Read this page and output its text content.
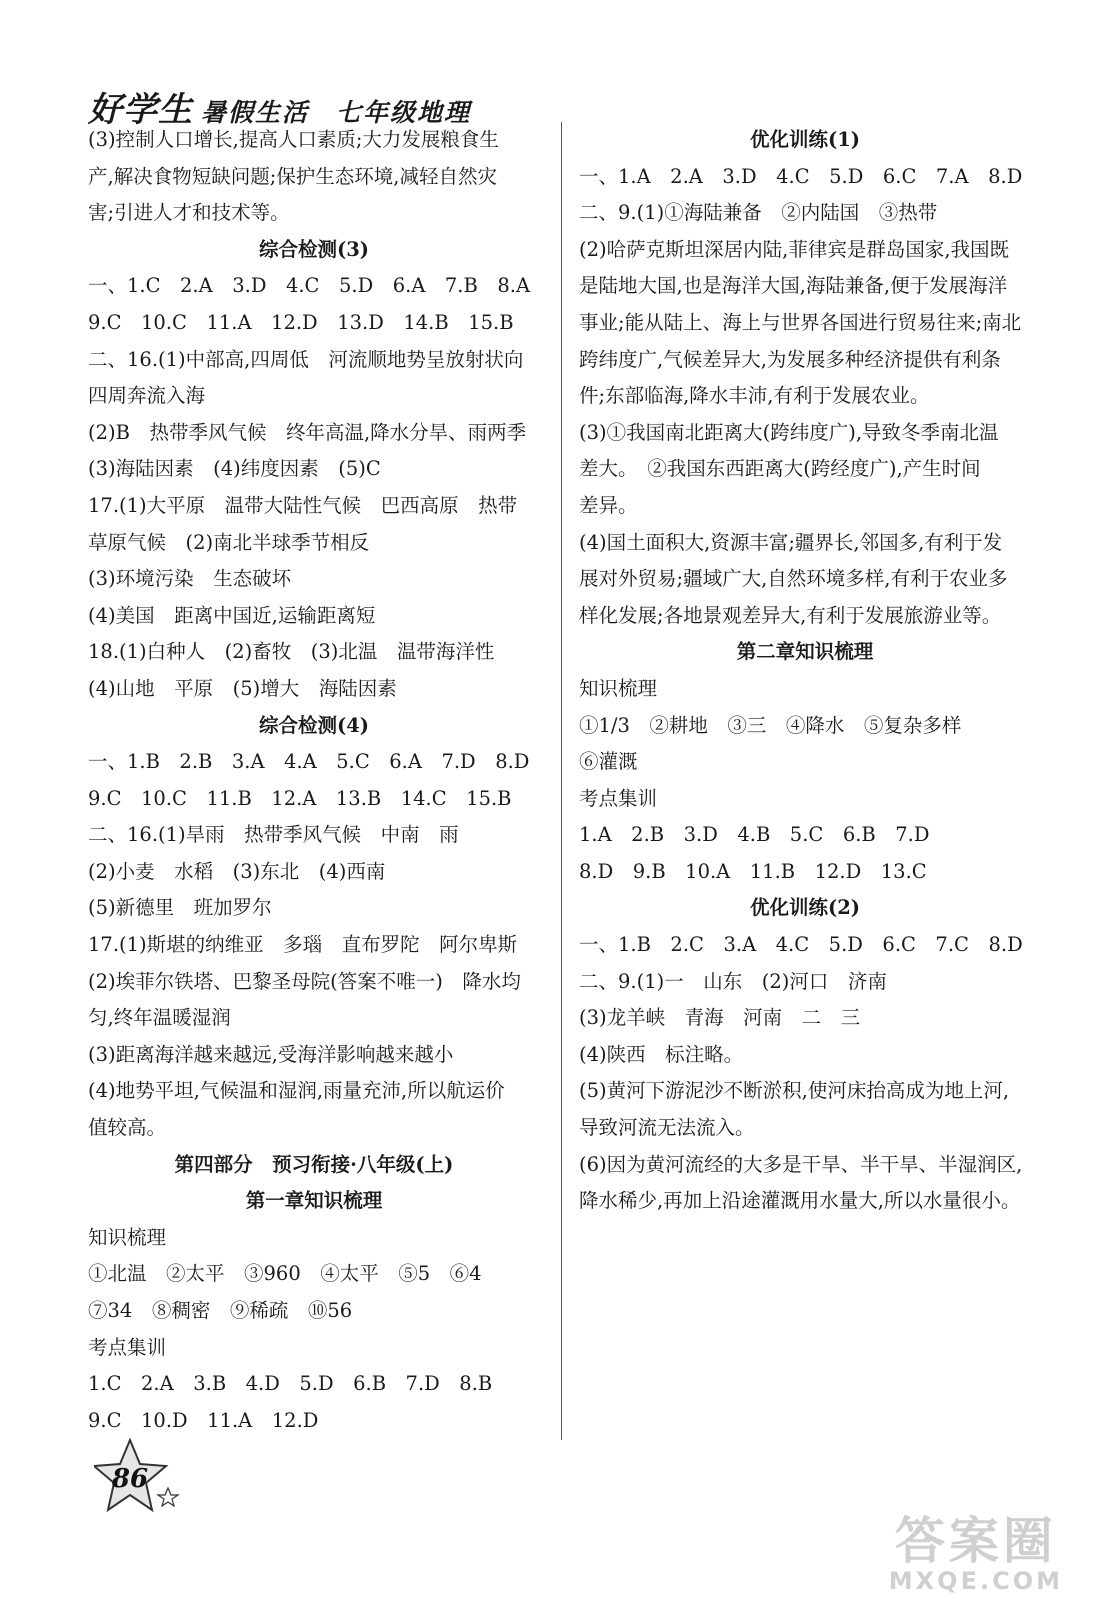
好学生 暑假生活　七年级地理
(3)控制人口增长,提高人口素质;大力发展粮食生
产,解决食物短缺问题;保护生态环境,减轻自然灾
害;引进人才和技术等。
综合检测(3)
一、1.C　2.A　3.D　4.C　5.D　6.A　7.B　8.A
9.C　10.C　11.A　12.D　13.D　14.B　15.B
二、16.(1)中部高,四周低　河流顺地势呈放射状向
四周奔流入海
(2)B　热带季风气候　终年高温,降水分旱、雨两季
(3)海陆因素　(4)纬度因素　(5)C
17.(1)大平原　温带大陆性气候　巴西高原　热带
草原气候　(2)南北半球季节相反
(3)环境污染　生态破坏
(4)美国　距离中国近,运输距离短
18.(1)白种人　(2)畜牧　(3)北温　温带海洋性
(4)山地　平原　(5)增大　海陆因素
综合检测(4)
一、1.B　2.B　3.A　4.A　5.C　6.A　7.D　8.D
9.C　10.C　11.B　12.A　13.B　14.C　15.B
二、16.(1)旱雨　热带季风气候　中南　雨
(2)小麦　水稻　(3)东北　(4)西南
(5)新德里　班加罗尔
17.(1)斯堪的纳维亚　多瑙　直布罗陀　阿尔卑斯
(2)埃菲尔铁塔、巴黎圣母院(答案不唯一)　降水均
匀,终年温暖湿润
(3)距离海洋越来越远,受海洋影响越来越小
(4)地势平坦,气候温和湿润,雨量充沛,所以航运价
值较高。
第四部分　预习衔接·八年级(上)
第一章知识梳理
知识梳理
①北温　②太平　③960　④太平　⑤5　⑥4
⑦34　⑧稠密　⑨稀疏　⑩56
考点集训
1.C　2.A　3.B　4.D　5.D　6.B　7.D　8.B
9.C　10.D　11.A　12.D
优化训练(1)
一、1.A　2.A　3.D　4.C　5.D　6.C　7.A　8.D
二、9.(1)①海陆兼备　②内陆国　③热带
(2)哈萨克斯坦深居内陆,菲律宾是群岛国家,我国既
是陆地大国,也是海洋大国,海陆兼备,便于发展海洋
事业;能从陆上、海上与世界各国进行贸易往来;南北
跨纬度广,气候差异大,为发展多种经济提供有利条
件;东部临海,降水丰沛,有利于发展农业。
(3)①我国南北距离大(跨纬度广),导致冬季南北温
差大。　②我国东西距离大(跨经度广),产生时间
差异。
(4)国土面积大,资源丰富;疆界长,邻国多,有利于发
展对外贸易;疆域广大,自然环境多样,有利于农业多
样化发展;各地景观差异大,有利于发展旅游业等。
第二章知识梳理
知识梳理
①1/3　②耕地　③三　④降水　⑤复杂多样
⑥灌溉
考点集训
1.A　2.B　3.D　4.B　5.C　6.B　7.D
8.D　9.B　10.A　11.B　12.D　13.C
优化训练(2)
一、1.B　2.C　3.A　4.C　5.D　6.C　7.C　8.D
二、9.(1)一　山东　(2)河口　济南
(3)龙羊峡　青海　河南　二　三
(4)陕西　标注略。
(5)黄河下游泥沙不断淤积,使河床抬高成为地上河,
导致河流无法流入。
(6)因为黄河流经的大多是干旱、半干旱、半湿润区,
降水稀少,再加上沿途灌溉用水量大,所以水量很小。
86
答案圈
MXQE.COM
